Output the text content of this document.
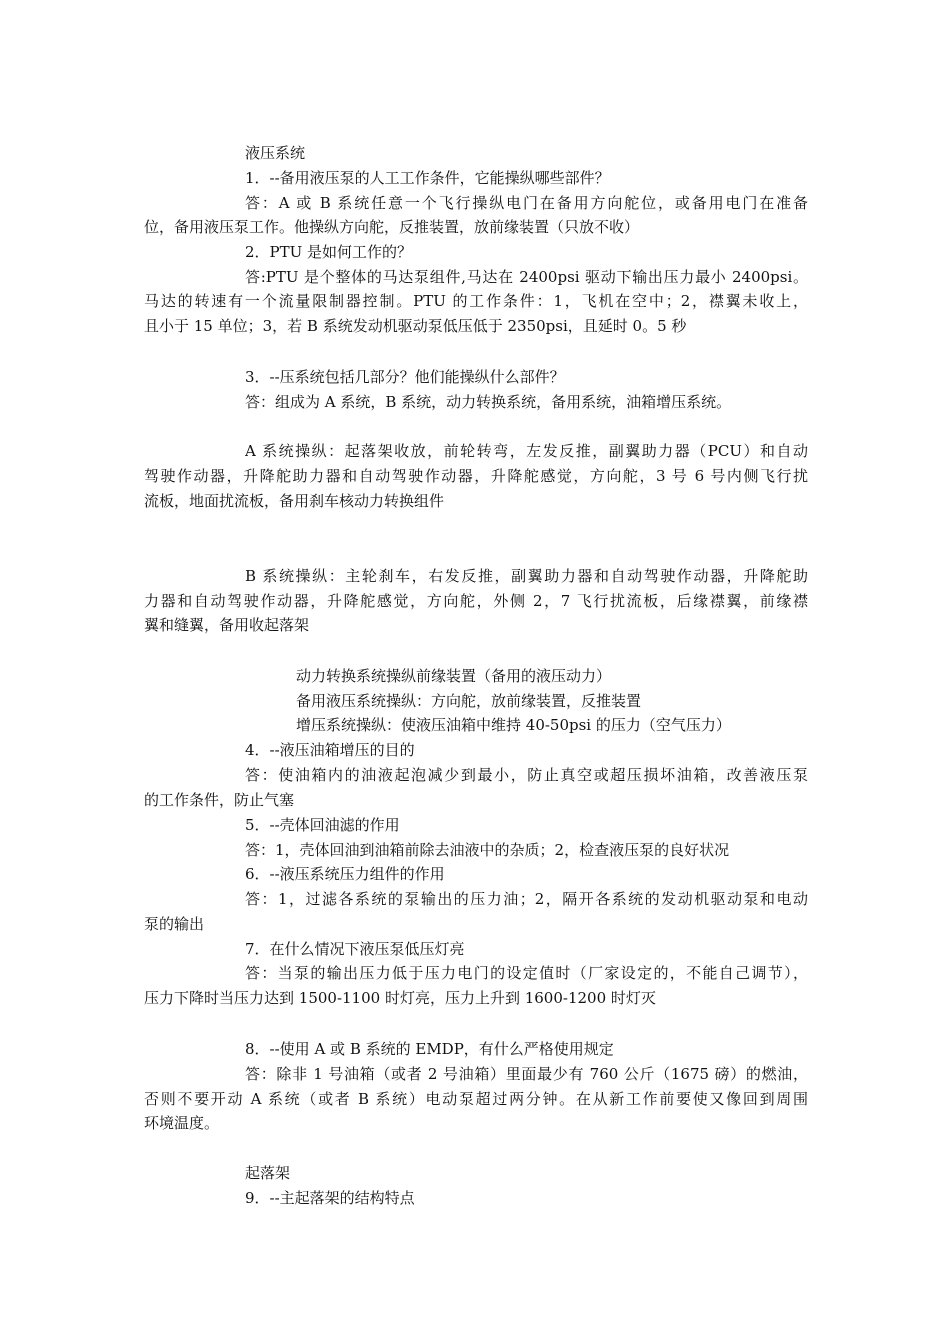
液压系统
1．--备用液压泵的人工工作条件，它能操纵哪些部件？
答：A 或 B 系统任意一个飞行操纵电门在备用方向舵位，或备用电门在准备
位，备用液压泵工作。他操纵方向舵，反推装置，放前缘装置（只放不收）
2．PTU 是如何工作的？
答:PTU 是个整体的马达泵组件,马达在 2400psi 驱动下输出压力最小 2400psi。
马达的转速有一个流量限制器控制。PTU 的工作条件：1，飞机在空中；2，襟翼未收上，
且小于 15 单位；3，若 B 系统发动机驱动泵低压低于 2350psi，且延时 0。5 秒
3．--压系统包括几部分？他们能操纵什么部件？
答：组成为 A 系统，B 系统，动力转换系统，备用系统，油箱增压系统。
A 系统操纵：起落架收放，前轮转弯，左发反推，副翼助力器（PCU）和自动
驾驶作动器，升降舵助力器和自动驾驶作动器，升降舵感觉，方向舵，3 号 6 号内侧飞行扰
流板，地面扰流板，备用刹车核动力转换组件
B 系统操纵：主轮刹车，右发反推，副翼助力器和自动驾驶作动器，升降舵助
力器和自动驾驶作动器，升降舵感觉，方向舵，外侧 2，7 飞行扰流板，后缘襟翼，前缘襟
翼和缝翼，备用收起落架
动力转换系统操纵前缘装置（备用的液压动力）
备用液压系统操纵：方向舵，放前缘装置，反推装置
增压系统操纵：使液压油箱中维持 40-50psi 的压力（空气压力）
4．--液压油箱增压的目的
答：使油箱内的油液起泡减少到最小，防止真空或超压损坏油箱，改善液压泵
的工作条件，防止气塞
5．--壳体回油滤的作用
答：1，壳体回油到油箱前除去油液中的杂质；2，检查液压泵的良好状况
6．--液压系统压力组件的作用
答：1，过滤各系统的泵输出的压力油；2，隔开各系统的发动机驱动泵和电动
泵的输出
7．在什么情况下液压泵低压灯亮
答：当泵的输出压力低于压力电门的设定值时（厂家设定的，不能自己调节），
压力下降时当压力达到 1500-1100 时灯亮，压力上升到 1600-1200 时灯灭
8．--使用 A 或 B 系统的 EMDP，有什么严格使用规定
答：除非 1 号油箱（或者 2 号油箱）里面最少有 760 公斤（1675 磅）的燃油，
否则不要开动 A 系统（或者 B 系统）电动泵超过两分钟。在从新工作前要使又像回到周围
环境温度。
起落架
9．--主起落架的结构特点
